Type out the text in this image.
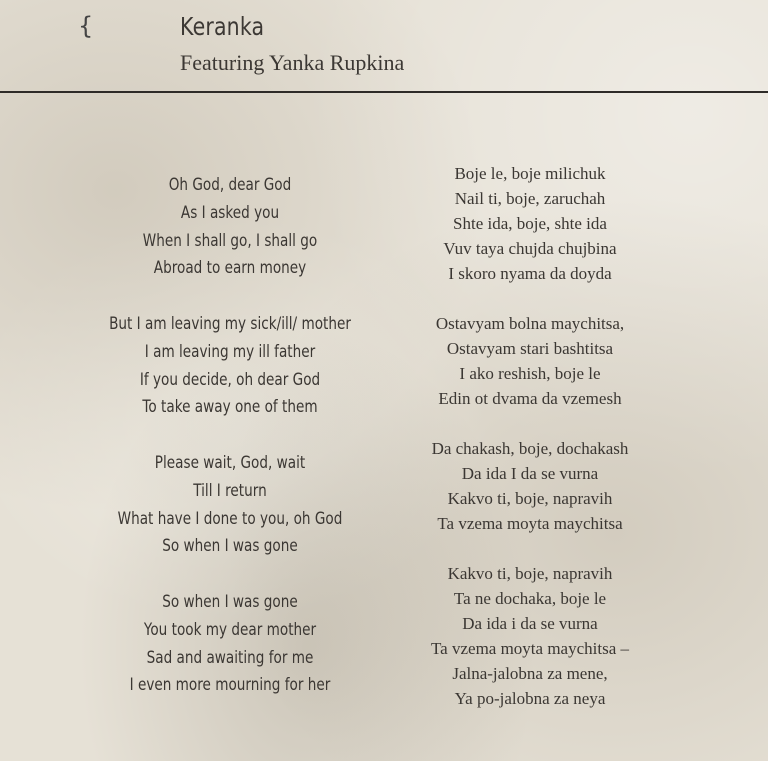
{	Keranka
Featuring Yanka Rupkina
Oh God, dear God
As I asked you
When I shall go, I shall go
Abroad to earn money
But I am leaving my sick/ill/ mother
I am leaving my ill father
If you decide, oh dear God
To take away one of them
Please wait, God, wait
Till I return
What have I done to you, oh God
So when I was gone
So when I was gone
You took my dear mother
Sad and awaiting for me
I even more mourning for her
Boje le, boje milichuk
Nail ti, boje, zaruchah
Shte ida, boje, shte ida
Vuv taya chujda chujbina
I skoro nyama da doyda
Ostavyam bolna maychitsa,
Ostavyam stari bashtitsa
I ako reshish, boje le
Edin ot dvama da vzemesh
Da chakash, boje, dochakash
Da ida I da se vurna
Kakvo ti, boje, napravih
Ta vzema moyta maychitsa
Kakvo ti, boje, napravih
Ta ne dochaka, boje le
Da ida i da se vurna
Ta vzema moyta maychitsa –
Jalna-jalobna za mene,
Ya po-jalobna za neya
